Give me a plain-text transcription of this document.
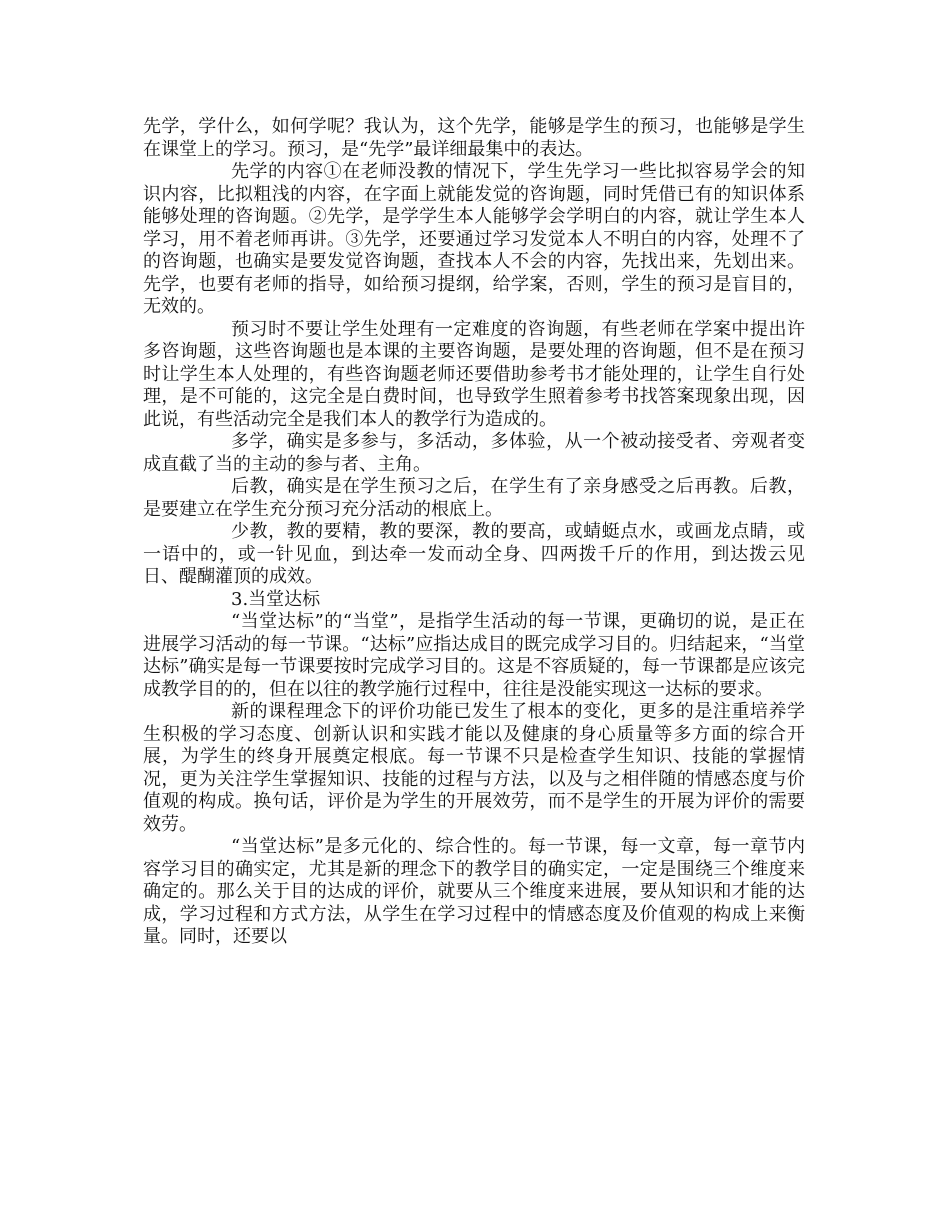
先学，学什么，如何学呢？我认为，这个先学，能够是学生的预习，也能够是学生在课堂上的学习。预习，是“先学”最详细最集中的表达。

先学的内容①在老师没教的情况下，学生先学习一些比拟容易学会的知识内容，比拟粗浅的内容，在字面上就能发觉的咨询题，同时凭借已有的知识体系能够处理的咨询题。②先学，是学学生本人能够学会学明白的内容，就让学生本人学习，用不着老师再讲。③先学，还要通过学习发觉本人不明白的内容，处理不了的咨询题，也确实是要发觉咨询题，查找本人不会的内容，先找出来，先划出来。先学，也要有老师的指导，如给预习提纲，给学案，否则，学生的预习是盲目的，无效的。

预习时不要让学生处理有一定难度的咨询题，有些老师在学案中提出许多咨询题，这些咨询题也是本课的主要咨询题，是要处理的咨询题，但不是在预习时让学生本人处理的，有些咨询题老师还要借助参考书才能处理的，让学生自行处理，是不可能的，这完全是白费时间，也导致学生照着参考书找答案现象出现，因此说，有些活动完全是我们本人的教学行为造成的。

多学，确实是多参与，多活动，多体验，从一个被动接受者、旁观者变成直截了当的主动的参与者、主角。

后教，确实是在学生预习之后，在学生有了亲身感受之后再教。后教，是要建立在学生充分预习充分活动的根底上。

少教，教的要精，教的要深，教的要高，或蜻蜓点水，或画龙点睛，或一语中的，或一针见血，到达牵一发而动全身、四两拨千斤的作用，到达拨云见日、醍醐灌顶的成效。

3.当堂达标

“当堂达标”的“当堂”，是指学生活动的每一节课，更确切的说，是正在进展学习活动的每一节课。“达标”应指达成目的既完成学习目的。归结起来，“当堂达标”确实是每一节课要按时完成学习目的。这是不容质疑的，每一节课都是应该完成教学目的的，但在以往的教学施行过程中，往往是没能实现这一达标的要求。

新的课程理念下的评价功能已发生了根本的变化，更多的是注重培养学生积极的学习态度、创新认识和实践才能以及健康的身心质量等多方面的综合开展，为学生的终身开展奠定根底。每一节课不只是检查学生知识、技能的掌握情况，更为关注学生掌握知识、技能的过程与方法，以及与之相伴随的情感态度与价值观的构成。换句话，评价是为学生的开展效劳，而不是学生的开展为评价的需要效劳。

“当堂达标”是多元化的、综合性的。每一节课，每一文章，每一章节内容学习目的确实定，尤其是新的理念下的教学目的确实定，一定是围绕三个维度来确定的。那么关于目的达成的评价，就要从三个维度来进展，要从知识和才能的达成，学习过程和方式方法，从学生在学习过程中的情感态度及价值观的构成上来衡量。同时，还要以
